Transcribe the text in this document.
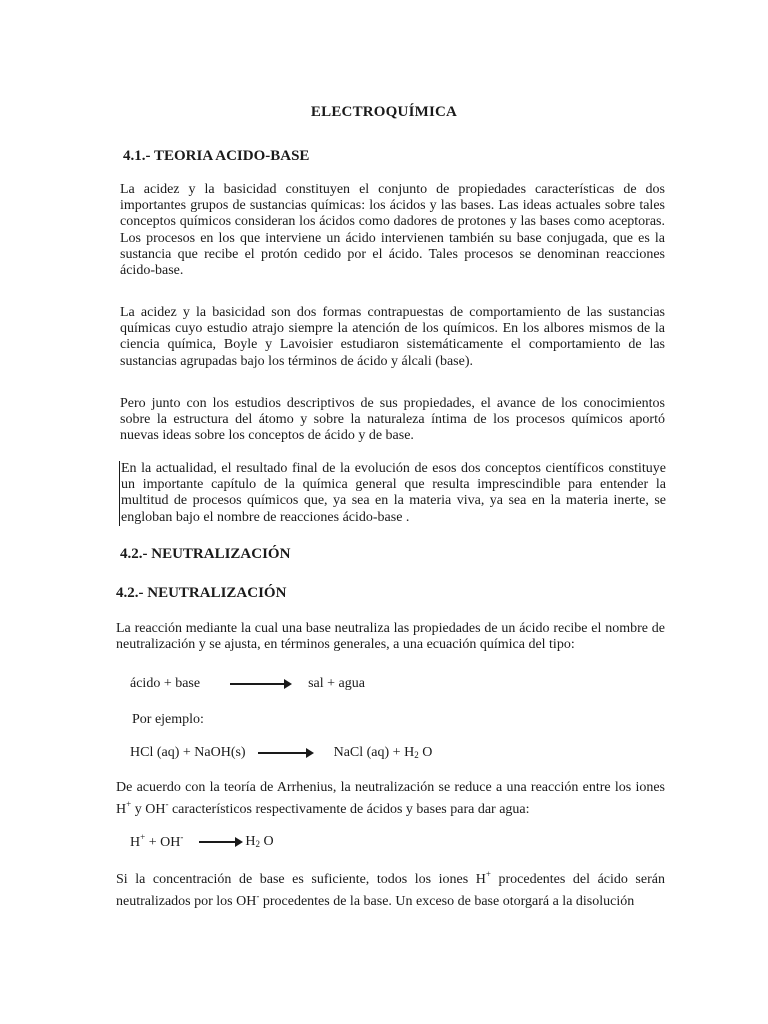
ELECTROQUÍMICA
4.1.- TEORIA ACIDO-BASE
La acidez y la basicidad constituyen el conjunto de propiedades características de dos importantes grupos de sustancias químicas: los ácidos y las bases. Las ideas actuales sobre tales conceptos químicos consideran los ácidos como dadores de protones y las bases como aceptoras. Los procesos en los que interviene un ácido intervienen también su base conjugada, que es la sustancia que recibe el protón cedido por el ácido. Tales procesos se denominan reacciones ácido-base.
La acidez y la basicidad son dos formas contrapuestas de comportamiento de las sustancias químicas cuyo estudio atrajo siempre la atención de los químicos. En los albores mismos de la ciencia química, Boyle y Lavoisier estudiaron sistemáticamente el comportamiento de las sustancias agrupadas bajo los términos de ácido y álcali (base).
Pero junto con los estudios descriptivos de sus propiedades, el avance de los conocimientos sobre la estructura del átomo y sobre la naturaleza íntima de los procesos químicos aportó nuevas ideas sobre los conceptos de ácido y de base.
En la actualidad, el resultado final de la evolución de esos dos conceptos científicos constituye un importante capítulo de la química general que resulta imprescindible para entender la multitud de procesos químicos que, ya sea en la materia viva, ya sea en la materia inerte, se engloban bajo el nombre de reacciones ácido-base .
4.2.- NEUTRALIZACIÓN
4.2.- NEUTRALIZACIÓN
La reacción mediante la cual una base neutraliza las propiedades de un ácido recibe el nombre de neutralización y se ajusta, en términos generales, a una ecuación química del tipo:
ácido + base	sal + agua
Por ejemplo:
HCl (aq) + NaOH(s) → NaCl $(aq) + H_2$ O
De acuerdo con la teoría de Arrhenius, la neutralización se reduce a una reacción entre los iones H+ y OH- característicos respectivamente de ácidos y bases para dar agua:
$H^+ + OH^- \to H_2$ O
Si la concentración de base es suficiente, todos los iones H+ procedentes del ácido serán neutralizados por los OH- procedentes de la base. Un exceso de base otorgará a la disolución
